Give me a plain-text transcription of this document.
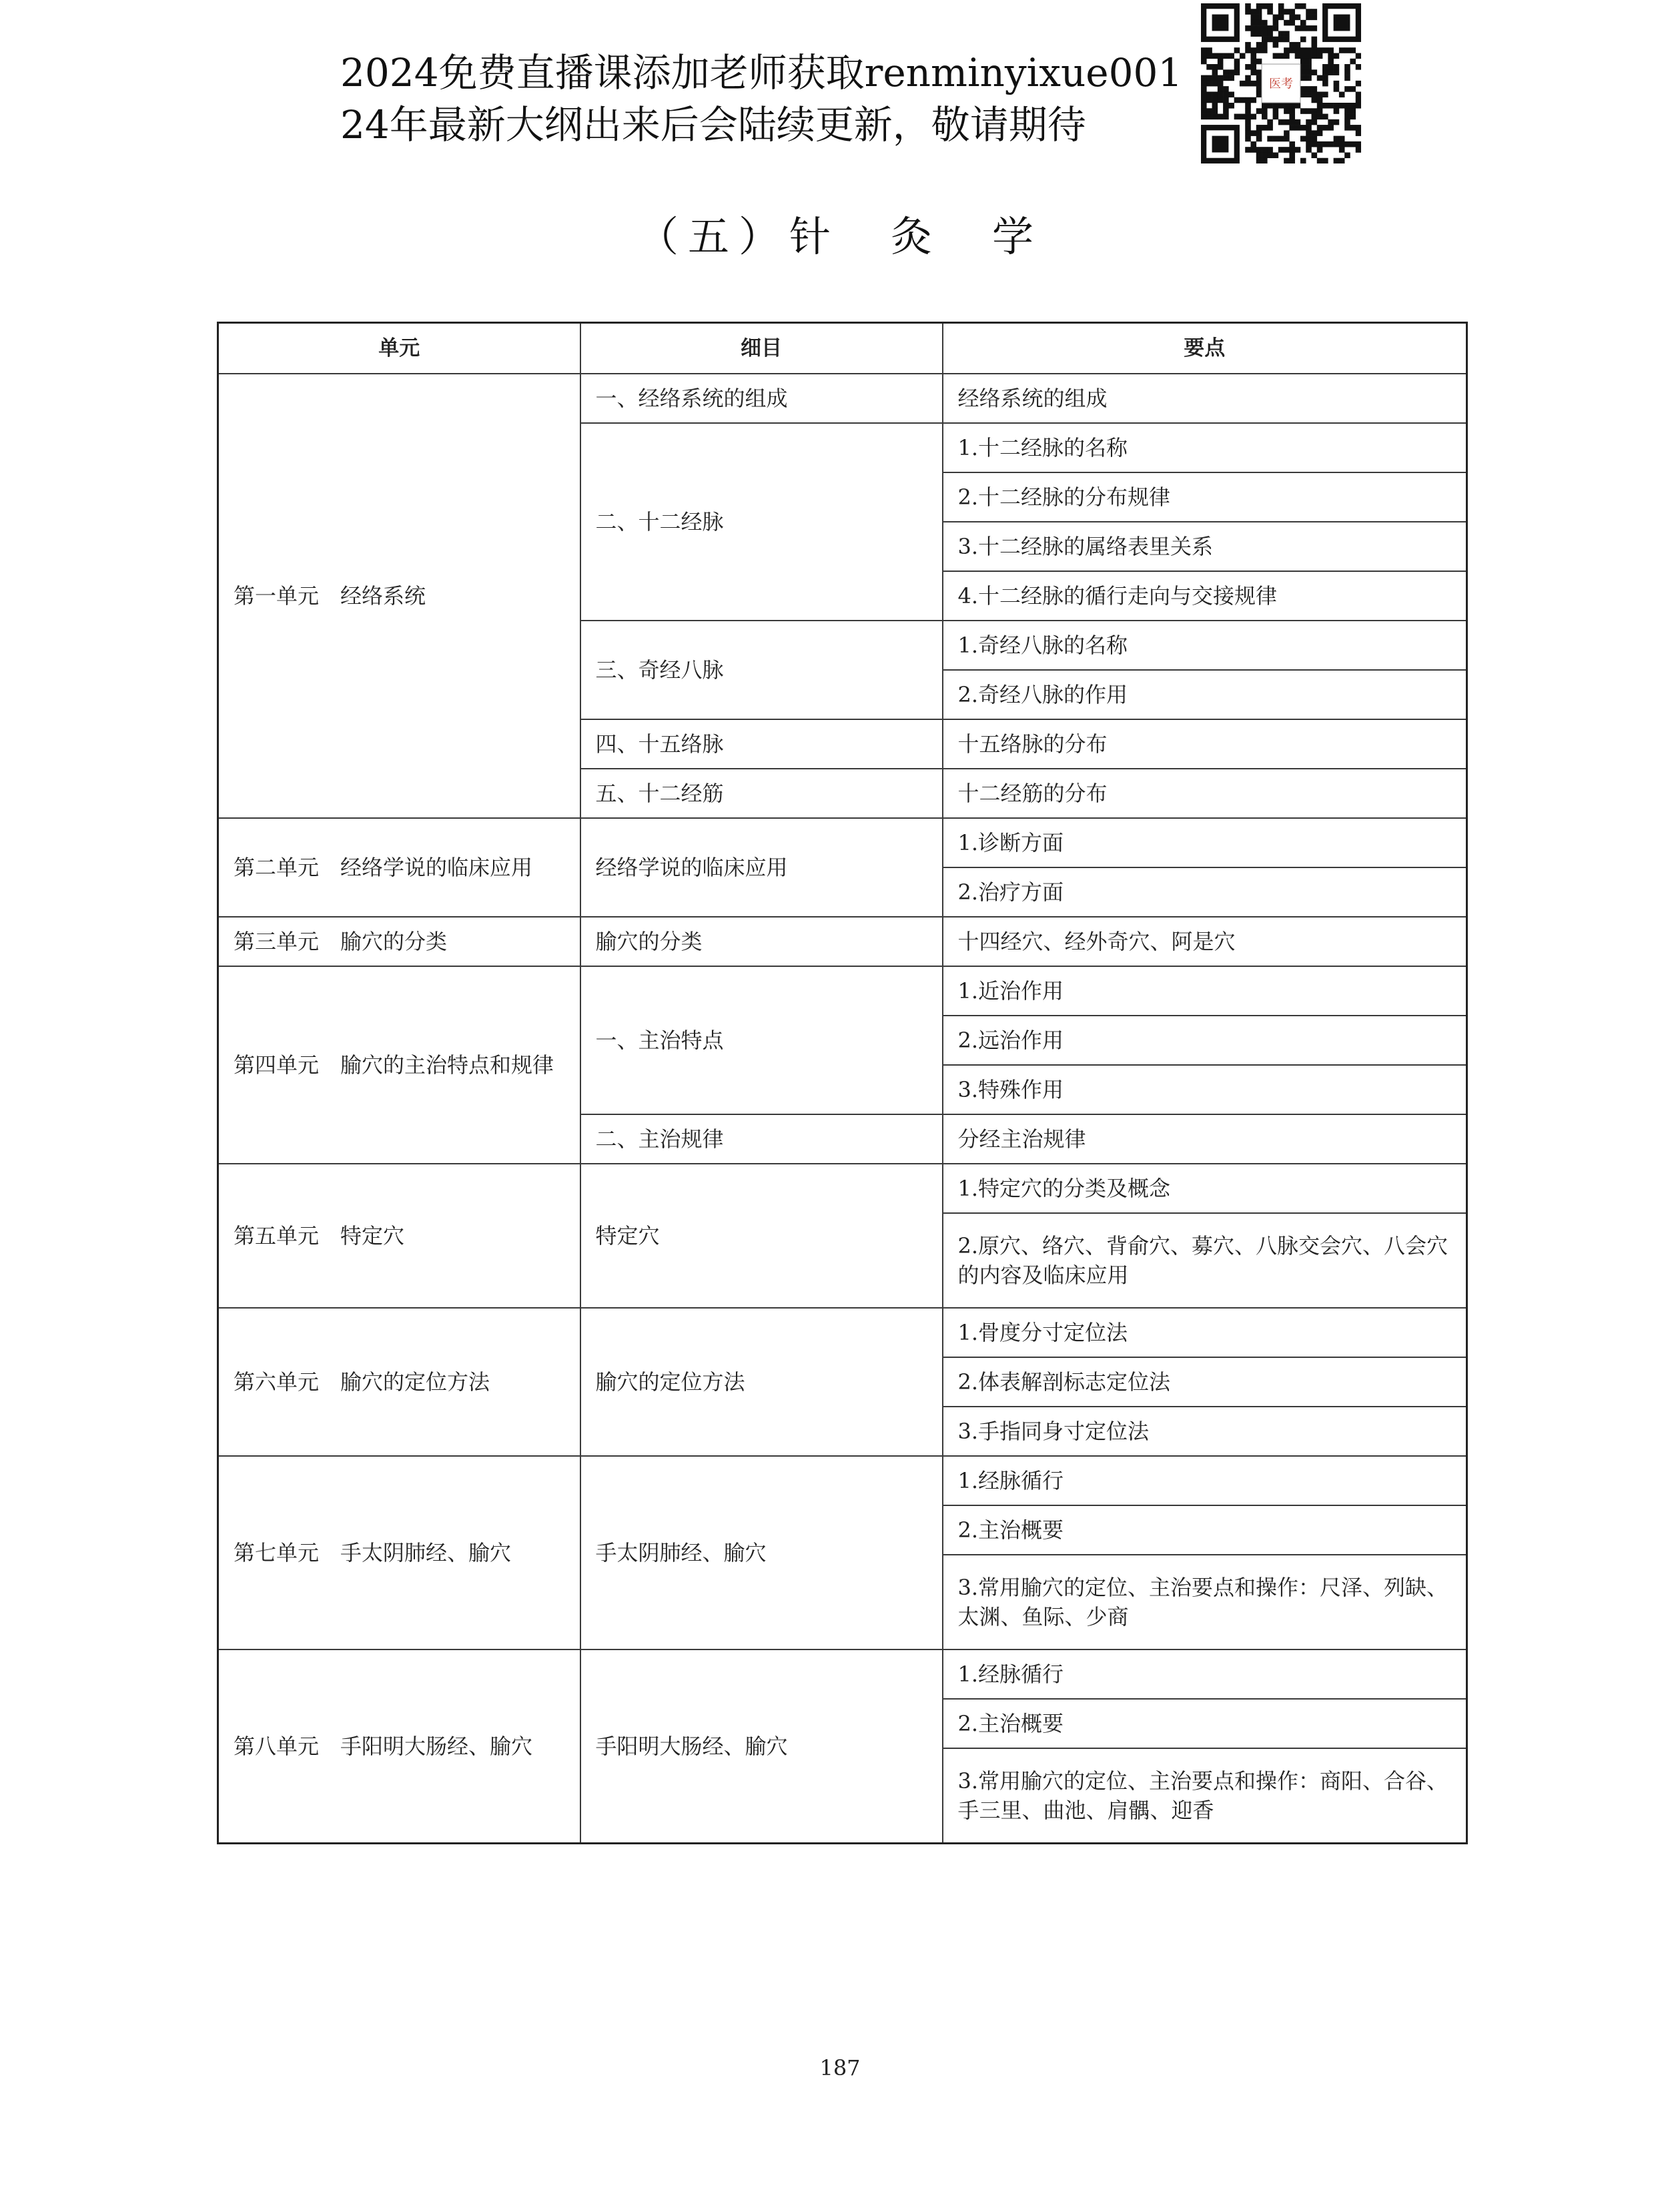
2024免费直播课添加老师获取renminyixue001
24年最新大纲出来后会陆续更新，敬请期待
医考
（五）针　灸　学
单元	细目	要点
第一单元　经络系统	一、经络系统的组成	经络系统的组成
	二、十二经脉	1.十二经脉的名称
		2.十二经脉的分布规律
		3.十二经脉的属络表里关系
		4.十二经脉的循行走向与交接规律
	三、奇经八脉	1.奇经八脉的名称
		2.奇经八脉的作用
	四、十五络脉	十五络脉的分布
	五、十二经筋	十二经筋的分布
第二单元　经络学说的临床应用	经络学说的临床应用	1.诊断方面
		2.治疗方面
第三单元　腧穴的分类	腧穴的分类	十四经穴、经外奇穴、阿是穴
第四单元　腧穴的主治特点和规律	一、主治特点	1.近治作用
		2.远治作用
		3.特殊作用
	二、主治规律	分经主治规律
第五单元　特定穴	特定穴	1.特定穴的分类及概念
		2.原穴、络穴、背俞穴、募穴、八脉交会穴、八会穴的内容及临床应用
第六单元　腧穴的定位方法	腧穴的定位方法	1.骨度分寸定位法
		2.体表解剖标志定位法
		3.手指同身寸定位法
第七单元　手太阴肺经、腧穴	手太阴肺经、腧穴	1.经脉循行
		2.主治概要
		3.常用腧穴的定位、主治要点和操作：尺泽、列缺、太渊、鱼际、少商
第八单元　手阳明大肠经、腧穴	手阳明大肠经、腧穴	1.经脉循行
		2.主治概要
		3.常用腧穴的定位、主治要点和操作：商阳、合谷、手三里、曲池、肩髃、迎香
187
